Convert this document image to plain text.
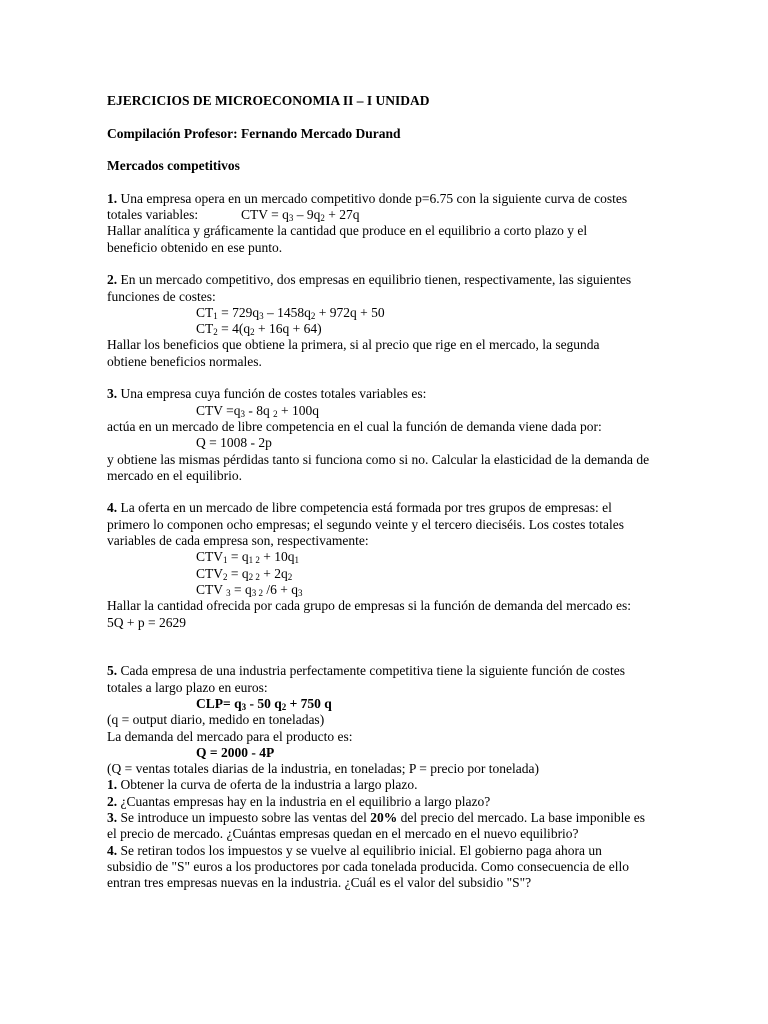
EJERCICIOS DE MICROECONOMIA II – I UNIDAD
Compilación Profesor: Fernando Mercado Durand
Mercados competitivos
1. Una empresa opera en un mercado competitivo donde p=6.75 con la siguiente curva de costes
totales variables:	CTV = $q_3 - 9q_2 + 27q$
Hallar analítica y gráficamente la cantidad que produce en el equilibrio a corto plazo y el
beneficio obtenido en ese punto.
2. En un mercado competitivo, dos empresas en equilibrio tienen, respectivamente, las siguientes
funciones de costes:
$CT_1 = 729q_3 - 1458q_2 + 972q + 50$
$CT_2 = 4(q_2 + 16q + 64)$
Hallar los beneficios que obtiene la primera, si al precio que rige en el mercado, la segunda
obtiene beneficios normales.
3. Una empresa cuya función de costes totales variables es:
CTV $=q_3 - 8q$ $_2$ + 100q
actúa en un mercado de libre competencia en el cual la función de demanda viene dada por:
Q = 1008 - 2p
y obtiene las mismas pérdidas tanto si funciona como si no. Calcular la elasticidad de la demanda de
mercado en el equilibrio.
4. La oferta en un mercado de libre competencia está formada por tres grupos de empresas: el
primero lo componen ocho empresas; el segundo veinte y el tercero dieciséis. Los costes totales
variables de cada empresa son, respectivamente:
$CTV_1 = q_{1 2} + 10q_1$
$CTV_2 = q_{2 2} + 2q_2$
CTV $_3 = q_{3 2}$ $/6 + q_3$
Hallar la cantidad ofrecida por cada grupo de empresas si la función de demanda del mercado es:
5Q + p = 2629
5. Cada empresa de una industria perfectamente competitiva tiene la siguiente función de costes
totales a largo plazo en euros:
$CLP= q_3 - 50$ $q_2 + 750$ q
(q = output diario, medido en toneladas)
La demanda del mercado para el producto es:
Q = 2000 - 4P
(Q = ventas totales diarias de la industria, en toneladas; P = precio por tonelada)
1. Obtener la curva de oferta de la industria a largo plazo.
2. ¿Cuantas empresas hay en la industria en el equilibrio a largo plazo?
3. Se introduce un impuesto sobre las ventas del 20% del precio del mercado. La base imponible es
el precio de mercado. ¿Cuántas empresas quedan en el mercado en el nuevo equilibrio?
4. Se retiran todos los impuestos y se vuelve al equilibrio inicial. El gobierno paga ahora un
subsidio de "S" euros a los productores por cada tonelada producida. Como consecuencia de ello
entran tres empresas nuevas en la industria. ¿Cuál es el valor del subsidio "S"?
